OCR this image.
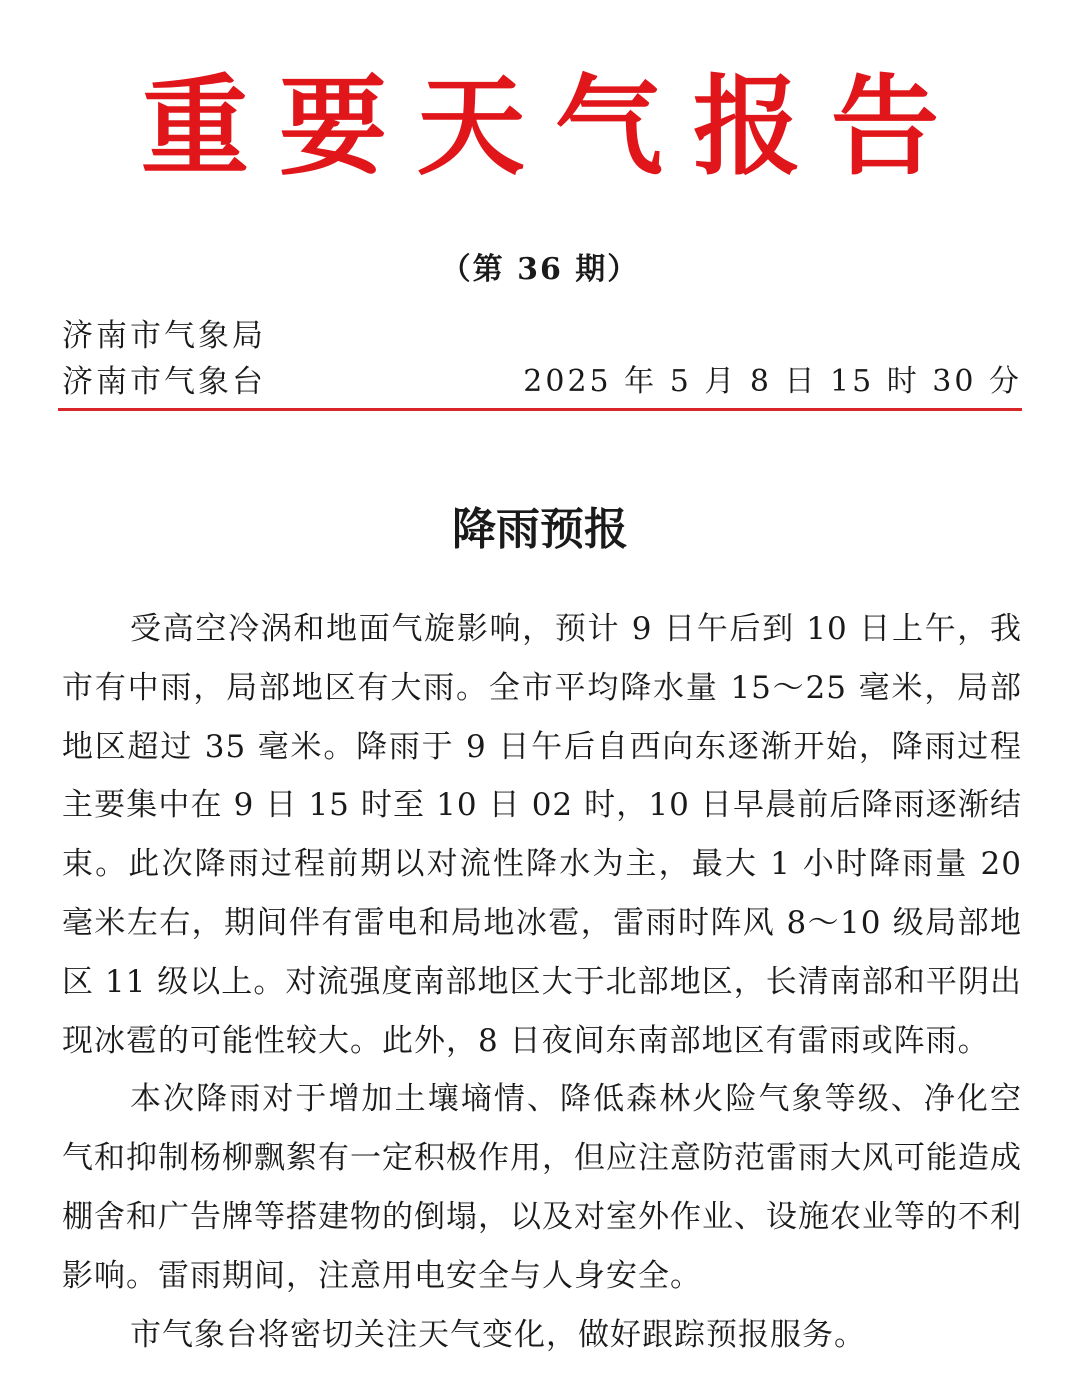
重要天气报告
（第 36 期）
济南市气象局
济南市气象台	2025 年 5 月 8 日 15 时 30 分
降雨预报

受高空冷涡和地面气旋影响，预计 9 日午后到 10 日上午，我市有中雨，局部地区有大雨。全市平均降水量 15～25 毫米，局部地区超过 35 毫米。降雨于 9 日午后自西向东逐渐开始，降雨过程主要集中在 9 日 15 时至 10 日 02 时，10 日早晨前后降雨逐渐结束。此次降雨过程前期以对流性降水为主，最大 1 小时降雨量 20 毫米左右，期间伴有雷电和局地冰雹，雷雨时阵风 8～10 级局部地区 11 级以上。对流强度南部地区大于北部地区，长清南部和平阴出现冰雹的可能性较大。此外，8 日夜间东南部地区有雷雨或阵雨。

本次降雨对于增加土壤墒情、降低森林火险气象等级、净化空气和抑制杨柳飘絮有一定积极作用，但应注意防范雷雨大风可能造成棚舍和广告牌等搭建物的倒塌，以及对室外作业、设施农业等的不利影响。雷雨期间，注意用电安全与人身安全。

市气象台将密切关注天气变化，做好跟踪预报服务。
